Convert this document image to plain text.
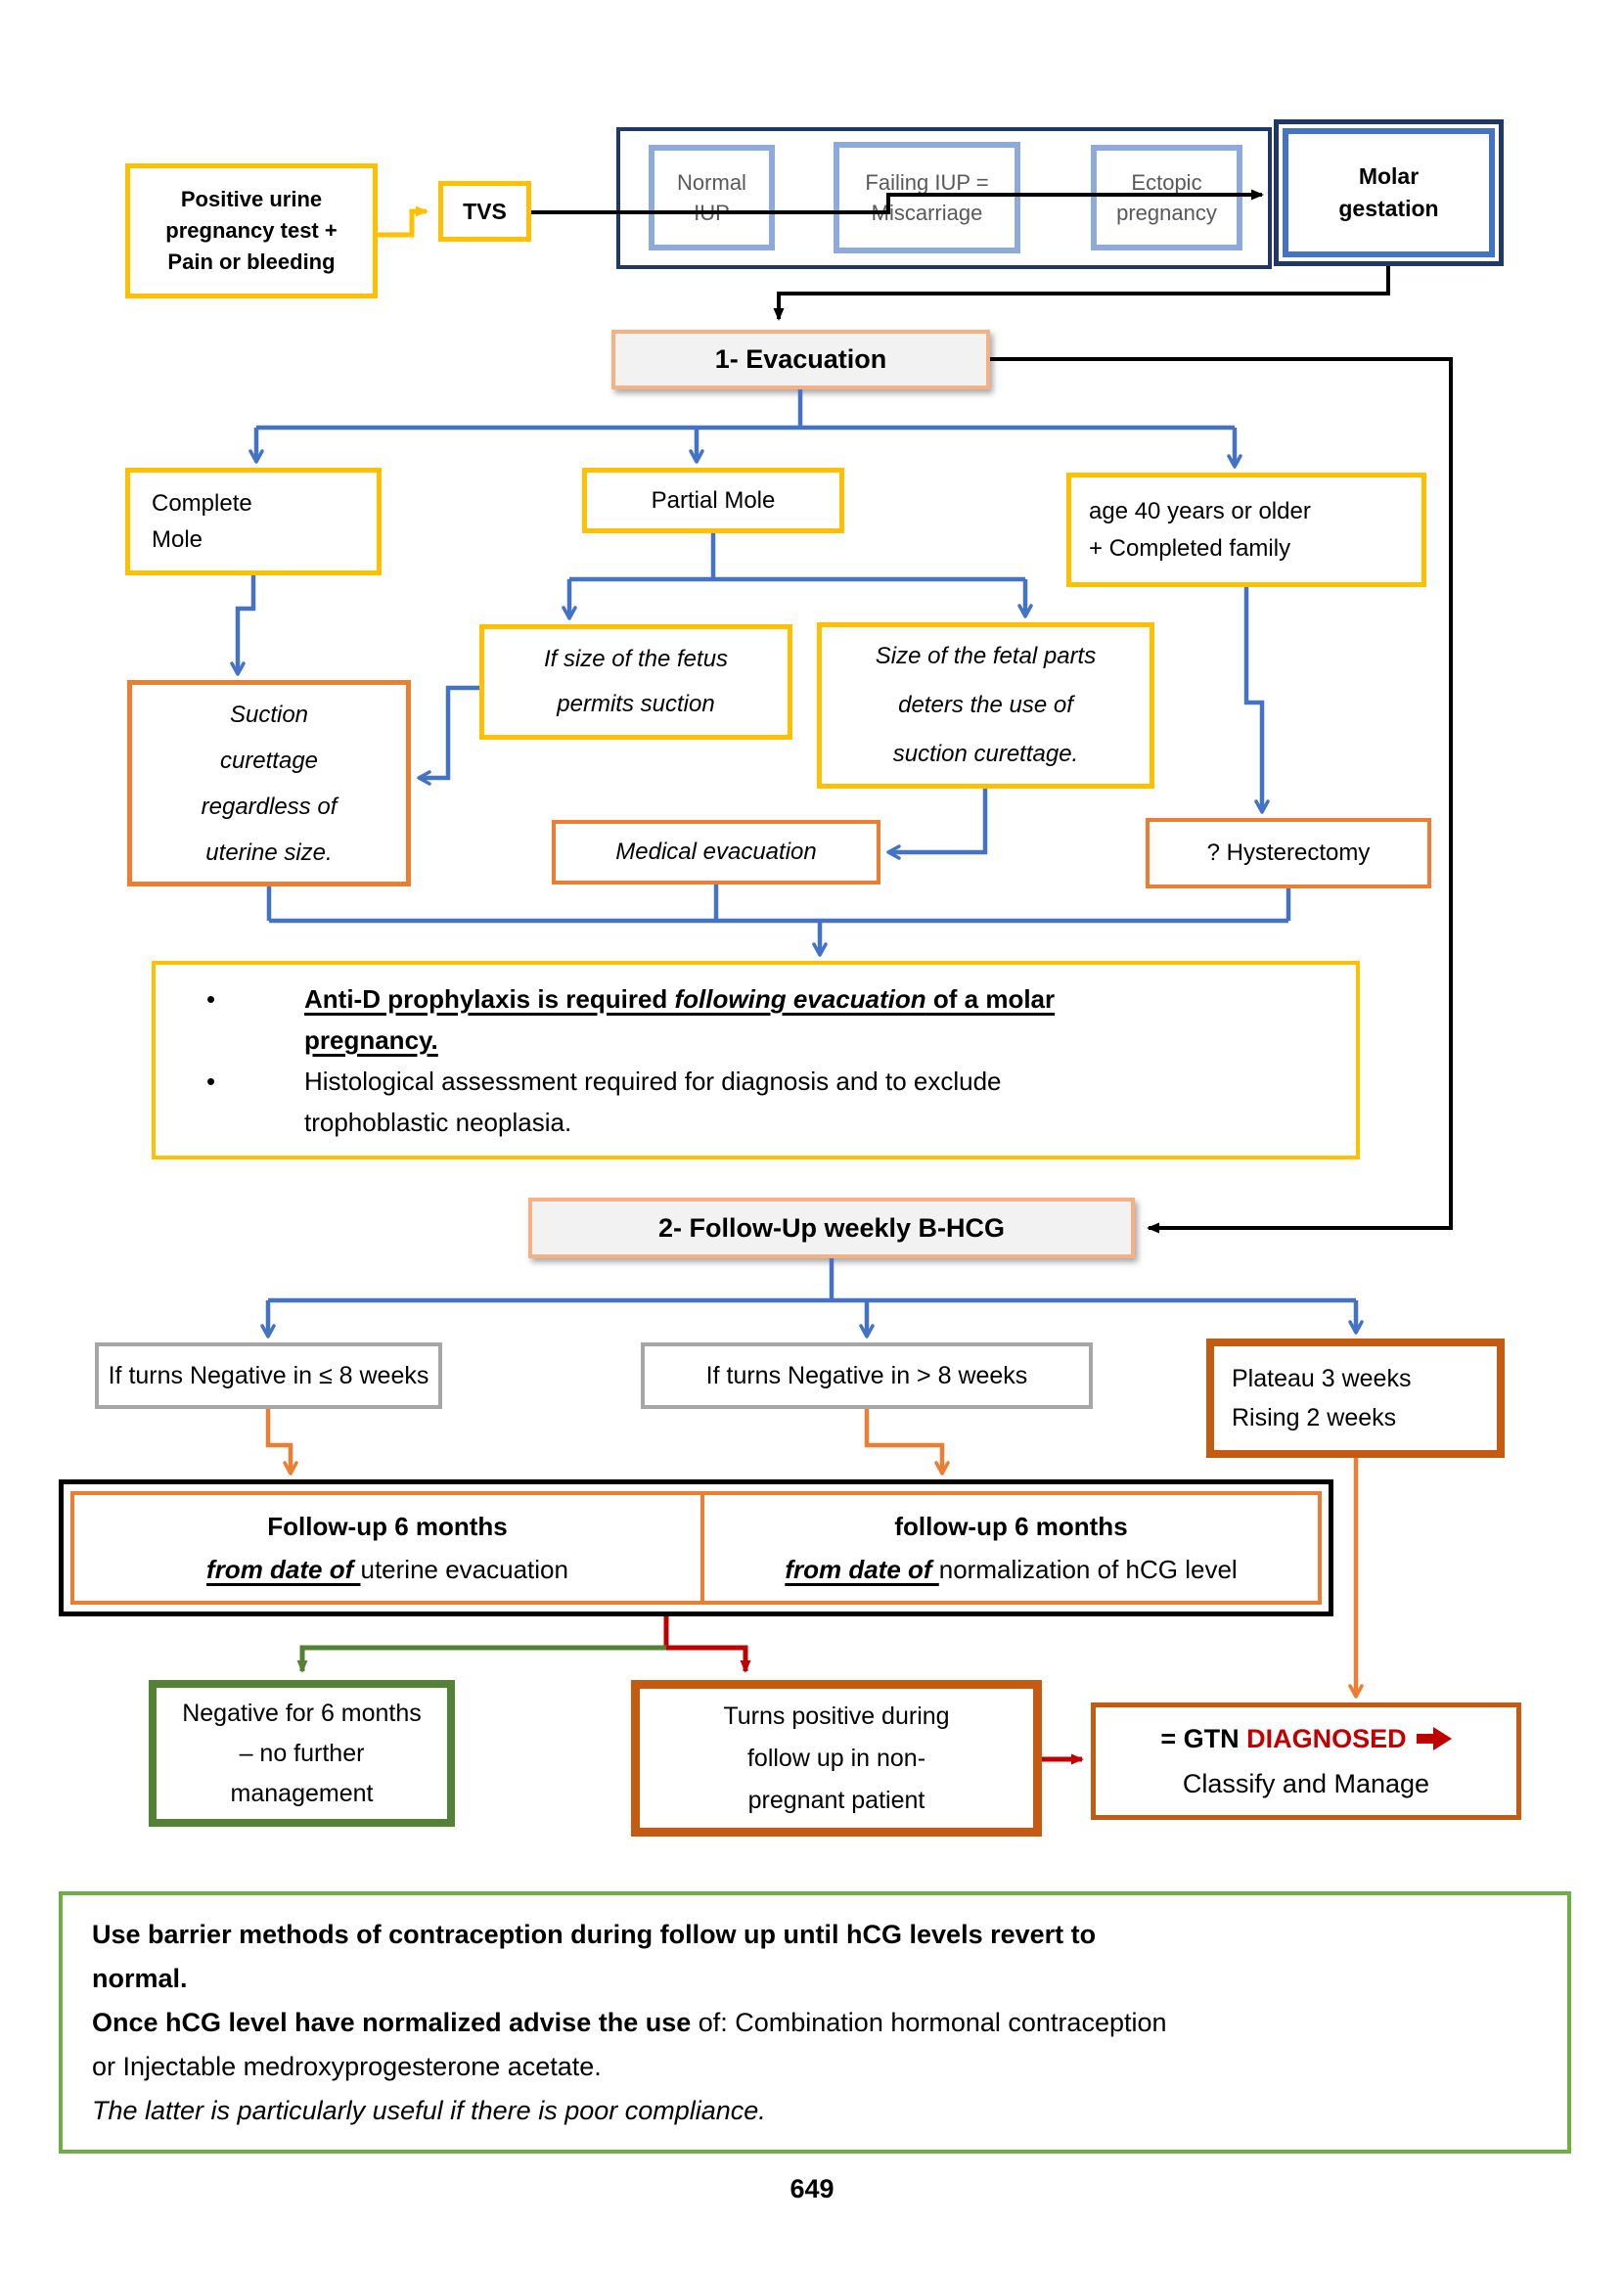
Positive urine
pregnancy test +
Pain or bleeding
TVS
Normal
IUP
Failing IUP =
Miscarriage
Ectopic
pregnancy
Molar
gestation
1- Evacuation
Complete
Mole
Partial Mole	age 40 years or older
+ Completed family
Suction
curettage
regardless of
uterine size.
If size of the fetus
permits suction
Size of the fetal parts
deters the use of
suction curettage.
Medical evacuation	? Hysterectomy
•	Anti-D prophylaxis is required following evacuation of a molar
pregnancy.
•	Histological assessment required for diagnosis and to exclude
trophoblastic neoplasia.
2- Follow-Up weekly B-HCG
If turns Negative in ≤ 8 weeks	If turns Negative in > 8 weeks	Plateau 3 weeks
Rising 2 weeks
Follow-up 6 months
from date of uterine evacuation
follow-up 6 months
from date of normalization of hCG level
Negative for 6 months
– no further
management
Turns positive during
follow up in non-
pregnant patient
= GTN DIAGNOSED
Classify and Manage
Use barrier methods of contraception during follow up until hCG levels revert to
normal.
Once hCG level have normalized advise the use of: Combination hormonal contraception
or Injectable medroxyprogesterone acetate.
The latter is particularly useful if there is poor compliance.
649
